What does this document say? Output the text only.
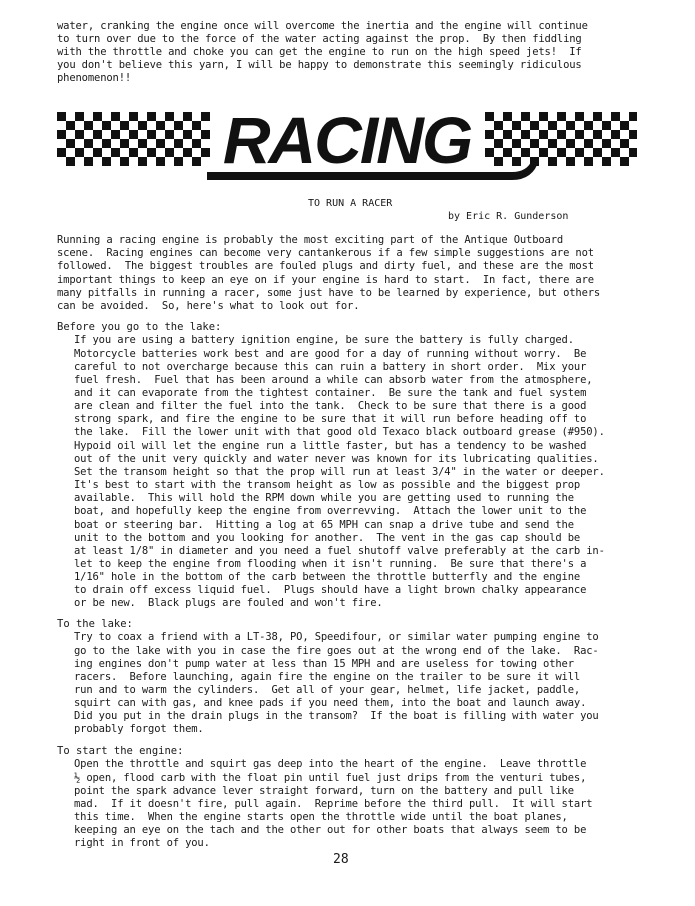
water, cranking the engine once will overcome the inertia and the engine will continue
to turn over due to the force of the water acting against the prop.  By then fiddling
with the throttle and choke you can get the engine to run on the high speed jets!  If
you don't believe this yarn, I will be happy to demonstrate this seemingly ridiculous
phenomenon!!
RACING
TO RUN A RACER
by Eric R. Gunderson
Running a racing engine is probably the most exciting part of the Antique Outboard
scene.  Racing engines can become very cantankerous if a few simple suggestions are not
followed.  The biggest troubles are fouled plugs and dirty fuel, and these are the most
important things to keep an eye on if your engine is hard to start.  In fact, there are
many pitfalls in running a racer, some just have to be learned by experience, but others
can be avoided.  So, here's what to look out for.
Before you go to the lake:
If you are using a battery ignition engine, be sure the battery is fully charged.
Motorcycle batteries work best and are good for a day of running without worry.  Be
careful to not overcharge because this can ruin a battery in short order.  Mix your
fuel fresh.  Fuel that has been around a while can absorb water from the atmosphere,
and it can evaporate from the tightest container.  Be sure the tank and fuel system
are clean and filter the fuel into the tank.  Check to be sure that there is a good
strong spark, and fire the engine to be sure that it will run before heading off to
the lake.  Fill the lower unit with that good old Texaco black outboard grease (#950).
Hypoid oil will let the engine run a little faster, but has a tendency to be washed
out of the unit very quickly and water never was known for its lubricating qualities.
Set the transom height so that the prop will run at least 3/4" in the water or deeper.
It's best to start with the transom height as low as possible and the biggest prop
available.  This will hold the RPM down while you are getting used to running the
boat, and hopefully keep the engine from overrevving.  Attach the lower unit to the
boat or steering bar.  Hitting a log at 65 MPH can snap a drive tube and send the
unit to the bottom and you looking for another.  The vent in the gas cap should be
at least 1/8" in diameter and you need a fuel shutoff valve preferably at the carb in-
let to keep the engine from flooding when it isn't running.  Be sure that there's a
1/16" hole in the bottom of the carb between the throttle butterfly and the engine
to drain off excess liquid fuel.  Plugs should have a light brown chalky appearance
or be new.  Black plugs are fouled and won't fire.
To the lake:
Try to coax a friend with a LT-38, PO, Speedifour, or similar water pumping engine to
go to the lake with you in case the fire goes out at the wrong end of the lake.  Rac-
ing engines don't pump water at less than 15 MPH and are useless for towing other
racers.  Before launching, again fire the engine on the trailer to be sure it will
run and to warm the cylinders.  Get all of your gear, helmet, life jacket, paddle,
squirt can with gas, and knee pads if you need them, into the boat and launch away.
Did you put in the drain plugs in the transom?  If the boat is filling with water you
probably forgot them.
To start the engine:
Open the throttle and squirt gas deep into the heart of the engine.  Leave throttle
½ open, flood carb with the float pin until fuel just drips from the venturi tubes,
point the spark advance lever straight forward, turn on the battery and pull like
mad.  If it doesn't fire, pull again.  Reprime before the third pull.  It will start
this time.  When the engine starts open the throttle wide until the boat planes,
keeping an eye on the tach and the other out for other boats that always seem to be
right in front of you.
28
